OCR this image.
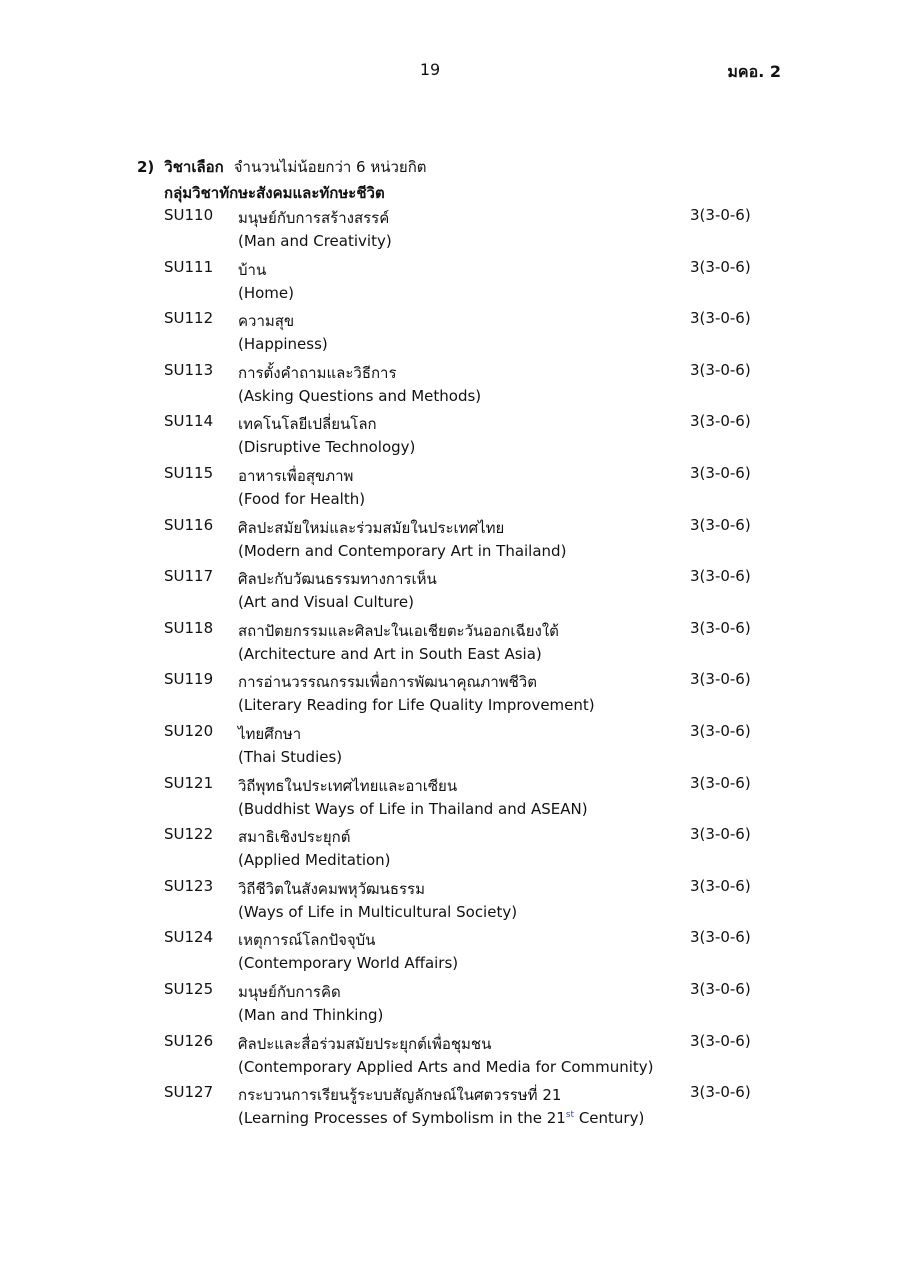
19	มคอ. 2
2) วิชาเลือก จำนวนไม่น้อยกว่า 6 หน่วยกิต
กลุ่มวิชาทักษะสังคมและทักษะชีวิต
SU110 มนุษย์กับการสร้างสรรค์	3(3-0-6)
(Man and Creativity)
SU111 บ้าน	3(3-0-6)
(Home)
SU112 ความสุข	3(3-0-6)
(Happiness)
SU113 การตั้งคำถามและวิธีการ	3(3-0-6)
(Asking Questions and Methods)
SU114 เทคโนโลยีเปลี่ยนโลก	3(3-0-6)
(Disruptive Technology)
SU115 อาหารเพื่อสุขภาพ	3(3-0-6)
(Food for Health)
SU116 ศิลปะสมัยใหม่และร่วมสมัยในประเทศไทย	3(3-0-6)
(Modern and Contemporary Art in Thailand)
SU117 ศิลปะกับวัฒนธรรมทางการเห็น	3(3-0-6)
(Art and Visual Culture)
SU118 สถาปัตยกรรมและศิลปะในเอเชียตะวันออกเฉียงใต้	3(3-0-6)
(Architecture and Art in South East Asia)
SU119 การอ่านวรรณกรรมเพื่อการพัฒนาคุณภาพชีวิต	3(3-0-6)
(Literary Reading for Life Quality Improvement)
SU120 ไทยศึกษา	3(3-0-6)
(Thai Studies)
SU121 วิถีพุทธในประเทศไทยและอาเซียน	3(3-0-6)
(Buddhist Ways of Life in Thailand and ASEAN)
SU122 สมาธิเชิงประยุกต์	3(3-0-6)
(Applied Meditation)
SU123 วิถีชีวิตในสังคมพหุวัฒนธรรม	3(3-0-6)
(Ways of Life in Multicultural Society)
SU124 เหตุการณ์โลกปัจจุบัน	3(3-0-6)
(Contemporary World Affairs)
SU125 มนุษย์กับการคิด	3(3-0-6)
(Man and Thinking)
SU126 ศิลปะและสื่อร่วมสมัยประยุกต์เพื่อชุมชน	3(3-0-6)
(Contemporary Applied Arts and Media for Community)
SU127 กระบวนการเรียนรู้ระบบสัญลักษณ์ในศตวรรษที่ 21	3(3-0-6)
(Learning Processes of Symbolism in the 21st Century)
